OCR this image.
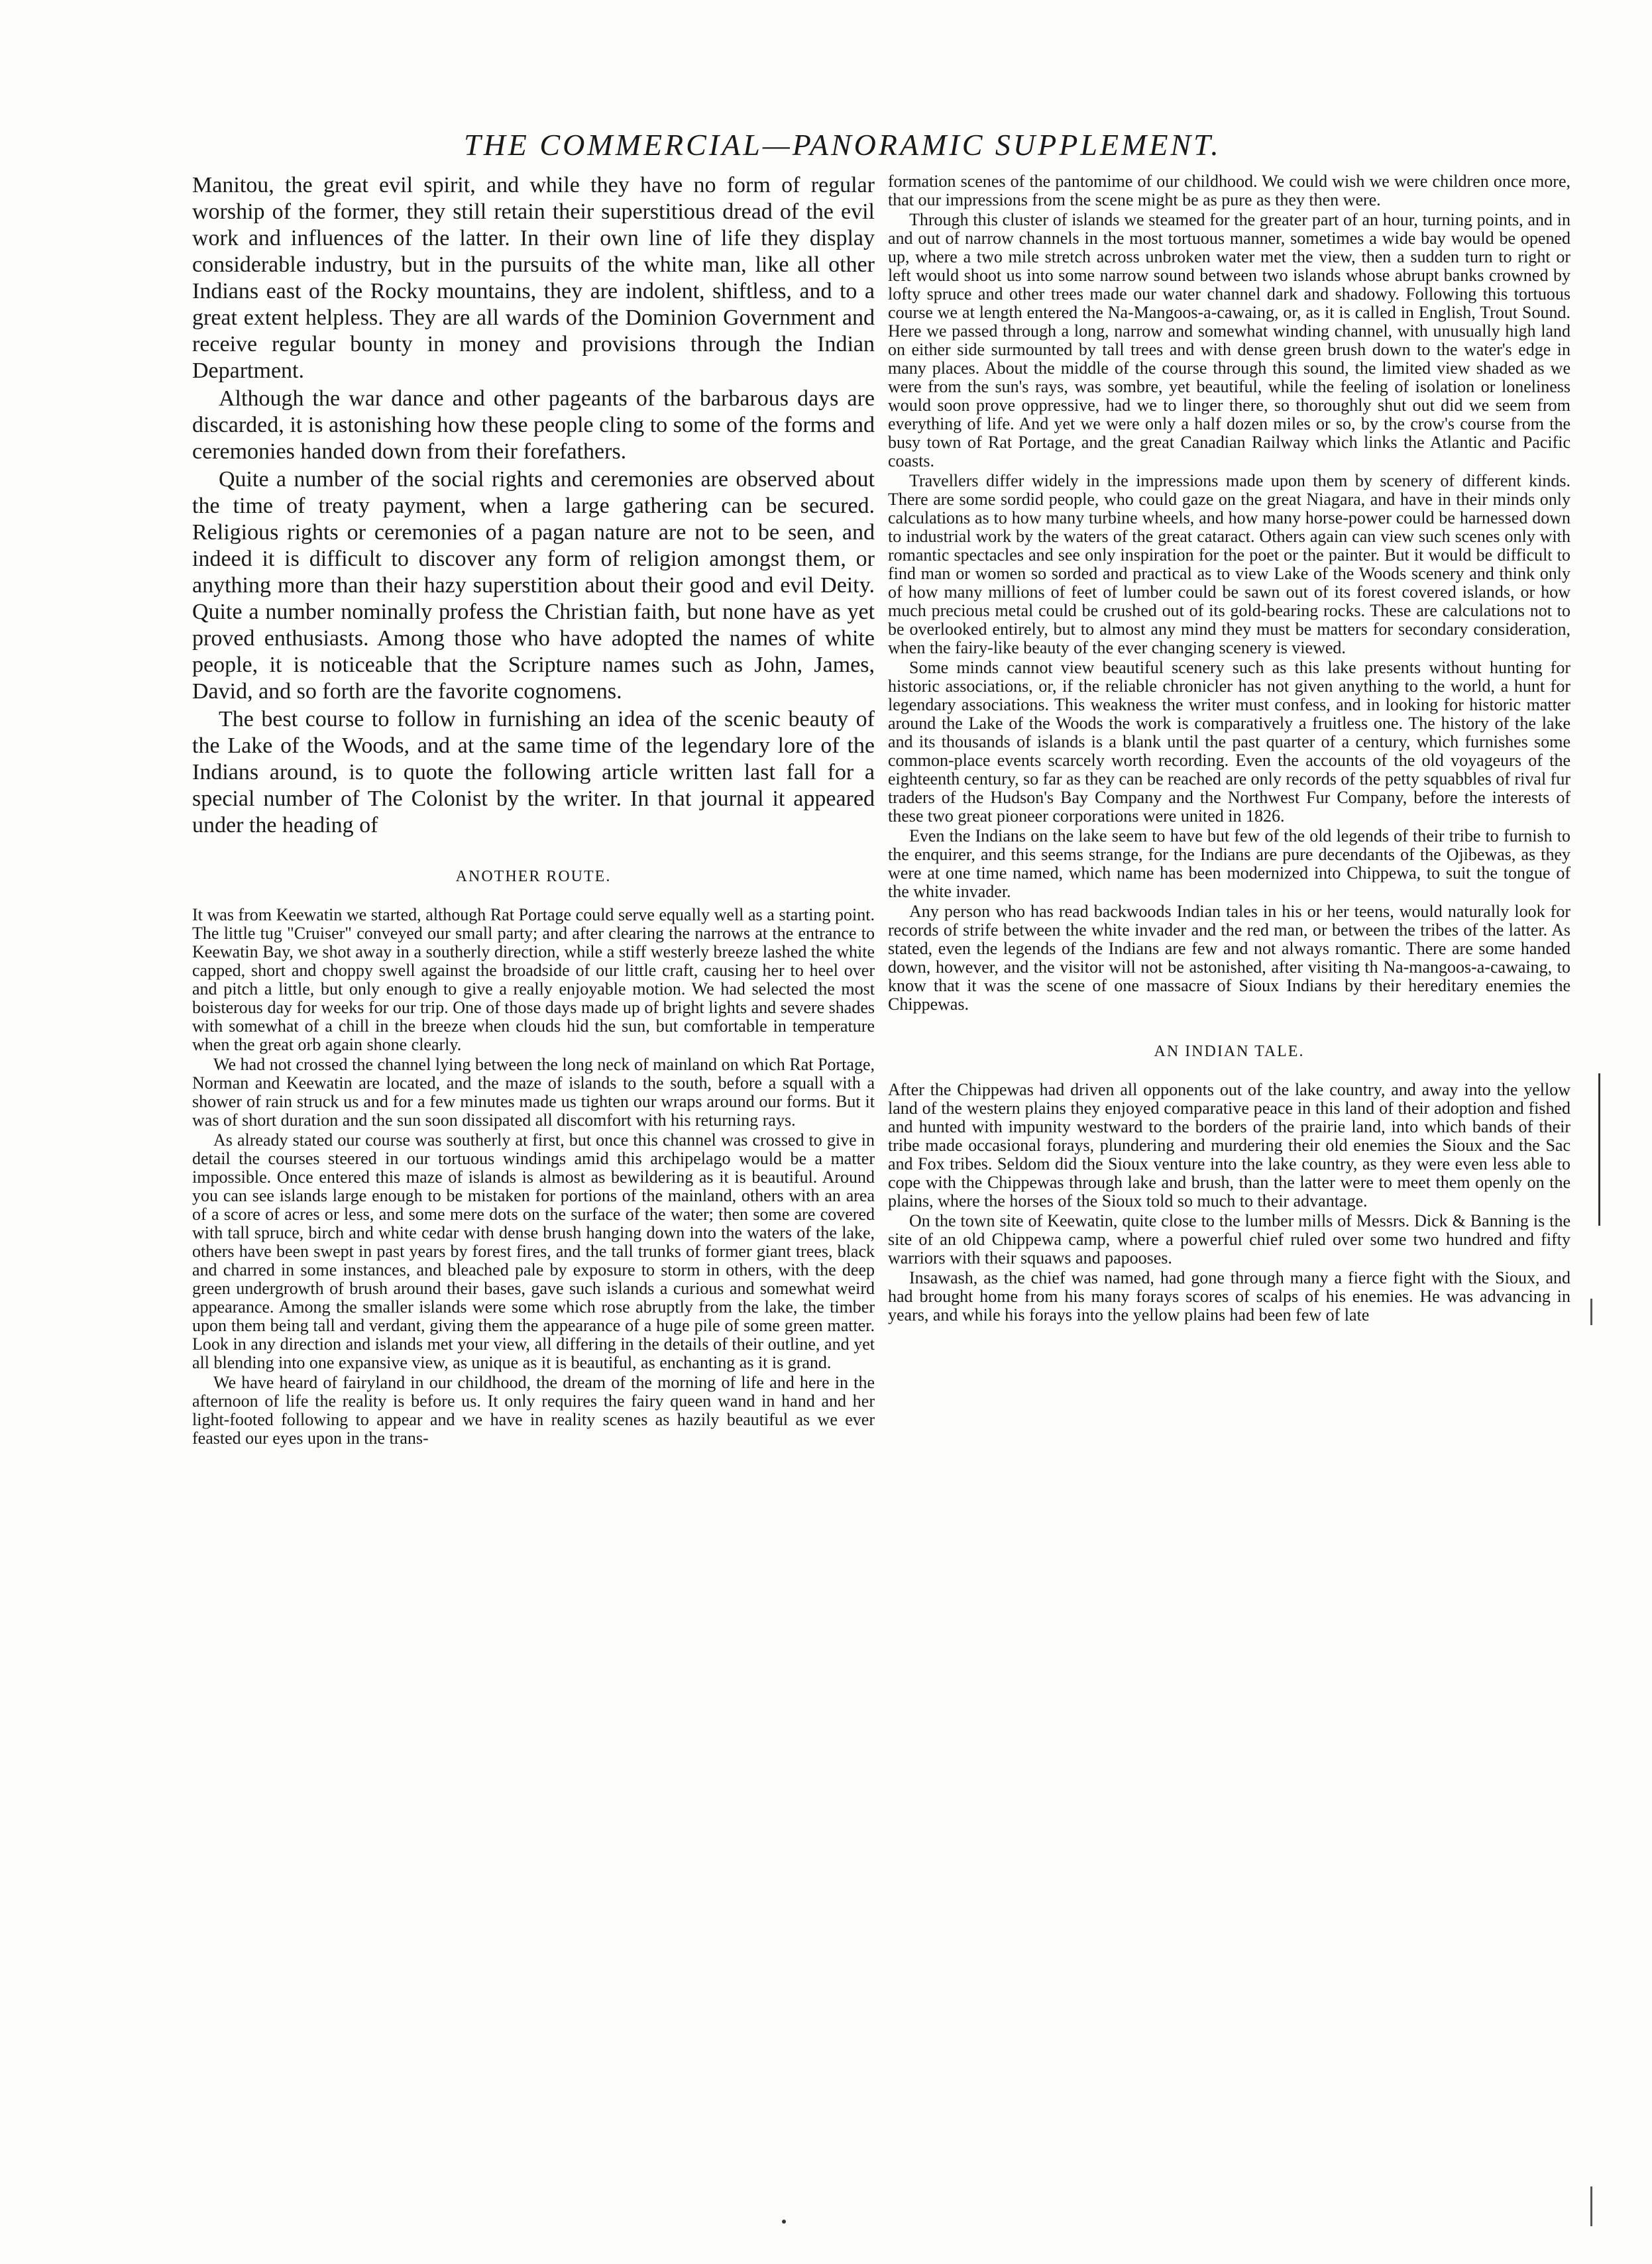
THE COMMERCIAL—PANORAMIC SUPPLEMENT.

Manitou, the great evil spirit, and while they have no form of regular worship of the former, they still retain their superstitious dread of the evil work and influences of the latter. In their own line of life they display considerable industry, but in the pursuits of the white man, like all other Indians east of the Rocky mountains, they are indolent, shiftless, and to a great extent helpless. They are all wards of the Dominion Government and receive regular bounty in money and provisions through the Indian Department.

Although the war dance and other pageants of the barbarous days are discarded, it is astonishing how these people cling to some of the forms and ceremonies handed down from their forefathers.

Quite a number of the social rights and ceremonies are observed about the time of treaty payment, when a large gathering can be secured. Religious rights or ceremonies of a pagan nature are not to be seen, and indeed it is difficult to discover any form of religion amongst them, or anything more than their hazy superstition about their good and evil Deity. Quite a number nominally profess the Christian faith, but none have as yet proved enthusiasts. Among those who have adopted the names of white people, it is noticeable that the Scripture names such as John, James, David, and so forth are the favorite cognomens.

The best course to follow in furnishing an idea of the scenic beauty of the Lake of the Woods, and at the same time of the legendary lore of the Indians around, is to quote the following article written last fall for a special number of The Colonist by the writer. In that journal it appeared under the heading of

ANOTHER ROUTE.

It was from Keewatin we started, although Rat Portage could serve equally well as a starting point. The little tug "Cruiser" conveyed our small party; and after clearing the narrows at the entrance to Keewatin Bay, we shot away in a southerly direction, while a stiff westerly breeze lashed the white capped, short and choppy swell against the broadside of our little craft, causing her to heel over and pitch a little, but only enough to give a really enjoyable motion. We had selected the most boisterous day for weeks for our trip. One of those days made up of bright lights and severe shades with somewhat of a chill in the breeze when clouds hid the sun, but comfortable in temperature when the great orb again shone clearly.

We had not crossed the channel lying between the long neck of mainland on which Rat Portage, Norman and Keewatin are located, and the maze of islands to the south, before a squall with a shower of rain struck us and for a few minutes made us tighten our wraps around our forms. But it was of short duration and the sun soon dissipated all discomfort with his returning rays.

As already stated our course was southerly at first, but once this channel was crossed to give in detail the courses steered in our tortuous windings amid this archipelago would be a matter impossible. Once entered this maze of islands is almost as bewildering as it is beautiful. Around you can see islands large enough to be mistaken for portions of the mainland, others with an area of a score of acres or less, and some mere dots on the surface of the water; then some are covered with tall spruce, birch and white cedar with dense brush hanging down into the waters of the lake, others have been swept in past years by forest fires, and the tall trunks of former giant trees, black and charred in some instances, and bleached pale by exposure to storm in others, with the deep green undergrowth of brush around their bases, gave such islands a curious and somewhat weird appearance. Among the smaller islands were some which rose abruptly from the lake, the timber upon them being tall and verdant, giving them the appearance of a huge pile of some green matter. Look in any direction and islands met your view, all differing in the details of their outline, and yet all blending into one expansive view, as unique as it is beautiful, as enchanting as it is grand.

We have heard of fairyland in our childhood, the dream of the morning of life and here in the afternoon of life the reality is before us. It only requires the fairy queen wand in hand and her light-footed following to appear and we have in reality scenes as hazily beautiful as we ever feasted our eyes upon in the trans-

formation scenes of the pantomime of our childhood. We could wish we were children once more, that our impressions from the scene might be as pure as they then were.

Through this cluster of islands we steamed for the greater part of an hour, turning points, and in and out of narrow channels in the most tortuous manner, sometimes a wide bay would be opened up, where a two mile stretch across unbroken water met the view, then a sudden turn to right or left would shoot us into some narrow sound between two islands whose abrupt banks crowned by lofty spruce and other trees made our water channel dark and shadowy. Following this tortuous course we at length entered the Na-Mangoos-a-cawaing, or, as it is called in English, Trout Sound. Here we passed through a long, narrow and somewhat winding channel, with unusually high land on either side surmounted by tall trees and with dense green brush down to the water's edge in many places. About the middle of the course through this sound, the limited view shaded as we were from the sun's rays, was sombre, yet beautiful, while the feeling of isolation or loneliness would soon prove oppressive, had we to linger there, so thoroughly shut out did we seem from everything of life. And yet we were only a half dozen miles or so, by the crow's course from the busy town of Rat Portage, and the great Canadian Railway which links the Atlantic and Pacific coasts.

Travellers differ widely in the impressions made upon them by scenery of different kinds. There are some sordid people, who could gaze on the great Niagara, and have in their minds only calculations as to how many turbine wheels, and how many horse-power could be harnessed down to industrial work by the waters of the great cataract. Others again can view such scenes only with romantic spectacles and see only inspiration for the poet or the painter. But it would be difficult to find man or women so sorded and practical as to view Lake of the Woods scenery and think only of how many millions of feet of lumber could be sawn out of its forest covered islands, or how much precious metal could be crushed out of its gold-bearing rocks. These are calculations not to be overlooked entirely, but to almost any mind they must be matters for secondary consideration, when the fairy-like beauty of the ever changing scenery is viewed.

Some minds cannot view beautiful scenery such as this lake presents without hunting for historic associations, or, if the reliable chronicler has not given anything to the world, a hunt for legendary associations. This weakness the writer must confess, and in looking for historic matter around the Lake of the Woods the work is comparatively a fruitless one. The history of the lake and its thousands of islands is a blank until the past quarter of a century, which furnishes some common-place events scarcely worth recording. Even the accounts of the old voyageurs of the eighteenth century, so far as they can be reached are only records of the petty squabbles of rival fur traders of the Hudson's Bay Company and the Northwest Fur Company, before the interests of these two great pioneer corporations were united in 1826.

Even the Indians on the lake seem to have but few of the old legends of their tribe to furnish to the enquirer, and this seems strange, for the Indians are pure decendants of the Ojibewas, as they were at one time named, which name has been modernized into Chippewa, to suit the tongue of the white invader.

Any person who has read backwoods Indian tales in his or her teens, would naturally look for records of strife between the white invader and the red man, or between the tribes of the latter. As stated, even the legends of the Indians are few and not always romantic. There are some handed down, however, and the visitor will not be astonished, after visiting th Na-mangoos-a-cawaing, to know that it was the scene of one massacre of Sioux Indians by their hereditary enemies the Chippewas.

AN INDIAN TALE.

After the Chippewas had driven all opponents out of the lake country, and away into the yellow land of the western plains they enjoyed comparative peace in this land of their adoption and fished and hunted with impunity westward to the borders of the prairie land, into which bands of their tribe made occasional forays, plundering and murdering their old enemies the Sioux and the Sac and Fox tribes. Seldom did the Sioux venture into the lake country, as they were even less able to cope with the Chippewas through lake and brush, than the latter were to meet them openly on the plains, where the horses of the Sioux told so much to their advantage.

On the town site of Keewatin, quite close to the lumber mills of Messrs. Dick & Banning is the site of an old Chippewa camp, where a powerful chief ruled over some two hundred and fifty warriors with their squaws and papooses.

Insawash, as the chief was named, had gone through many a fierce fight with the Sioux, and had brought home from his many forays scores of scalps of his enemies. He was advancing in years, and while his forays into the yellow plains had been few of late
